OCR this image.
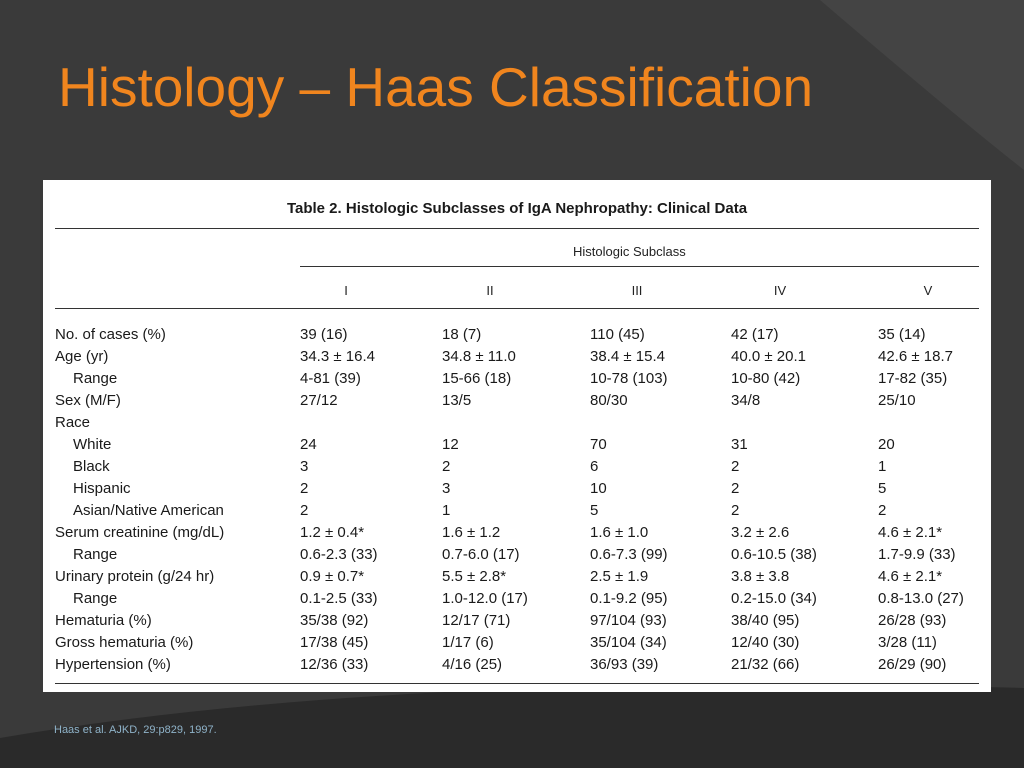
Histology – Haas Classification
Table 2. Histologic Subclasses of IgA Nephropathy: Clinical Data
Histologic Subclass
I	II	III	IV	V
No. of cases (%)	39 (16)	18 (7)	110 (45)	42 (17)	35 (14)
Age (yr)	34.3 ± 16.4	34.8 ± 11.0	38.4 ± 15.4	40.0 ± 20.1	42.6 ± 18.7
Range	4-81 (39)	15-66 (18)	10-78 (103)	10-80 (42)	17-82 (35)
Sex (M/F)	27/12	13/5	80/30	34/8	25/10
Race
White	24	12	70	31	20
Black	3	2	6	2	1
Hispanic	2	3	10	2	5
Asian/Native American	2	1	5	2	2
Serum creatinine (mg/dL)	1.2 ± 0.4*	1.6 ± 1.2	1.6 ± 1.0	3.2 ± 2.6	4.6 ± 2.1*
Range	0.6-2.3 (33)	0.7-6.0 (17)	0.6-7.3 (99)	0.6-10.5 (38)	1.7-9.9 (33)
Urinary protein (g/24 hr)	0.9 ± 0.7*	5.5 ± 2.8*	2.5 ± 1.9	3.8 ± 3.8	4.6 ± 2.1*
Range	0.1-2.5 (33)	1.0-12.0 (17)	0.1-9.2 (95)	0.2-15.0 (34)	0.8-13.0 (27)
Hematuria (%)	35/38 (92)	12/17 (71)	97/104 (93)	38/40 (95)	26/28 (93)
Gross hematuria (%)	17/38 (45)	1/17 (6)	35/104 (34)	12/40 (30)	3/28 (11)
Hypertension (%)	12/36 (33)	4/16 (25)	36/93 (39)	21/32 (66)	26/29 (90)
Haas et al. AJKD, 29:p829, 1997.
